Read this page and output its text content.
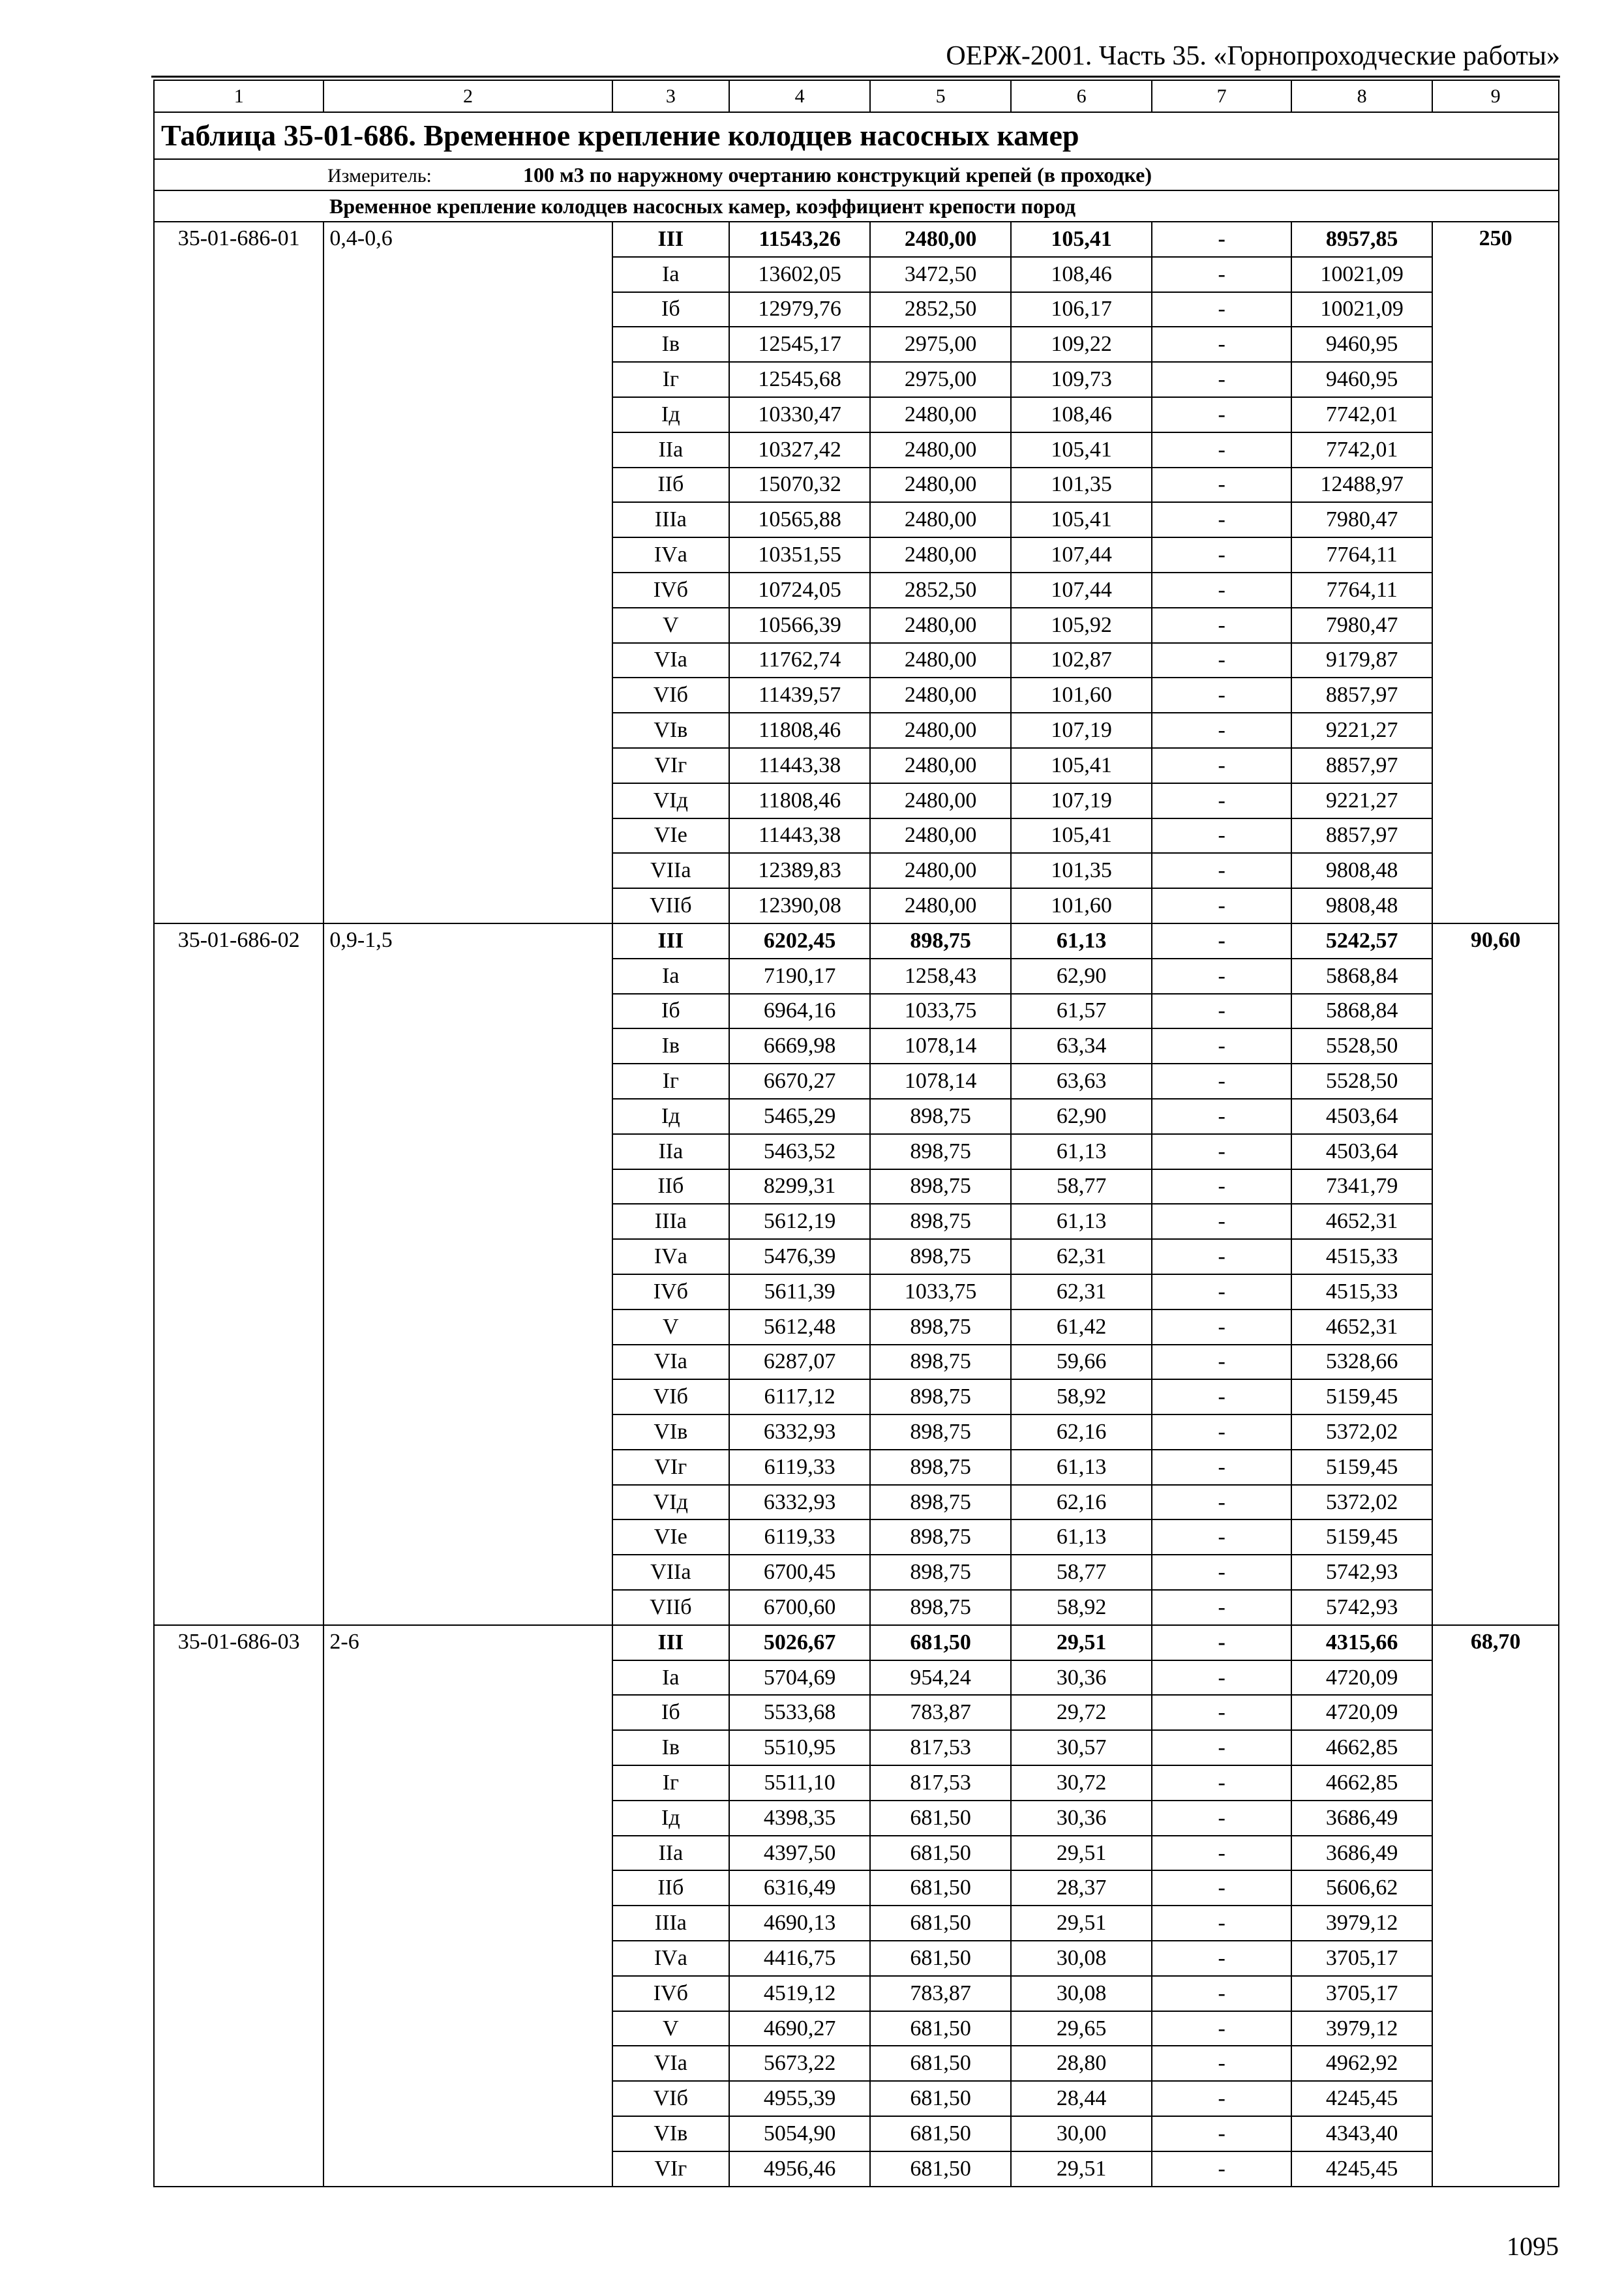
ОЕРЖ-2001. Часть 35. «Горнопроходческие работы»
1	2	3	4	5	6	7	8	9
Таблица 35-01-686. Временное крепление колодцев насосных камер								
Измеритель: 100 м3 по наружному очертанию конструкций крепей (в проходке)								
Временное крепление колодцев насосных камер, коэффициент крепости пород								
35-01-686-01	0,4-0,6	III	11543,26	2480,00	105,41	-	8957,85	250
		Iа	13602,05	3472,50	108,46	-	10021,09	
		Iб	12979,76	2852,50	106,17	-	10021,09	
		Iв	12545,17	2975,00	109,22	-	9460,95	
		Iг	12545,68	2975,00	109,73	-	9460,95	
		Iд	10330,47	2480,00	108,46	-	7742,01	
		IIа	10327,42	2480,00	105,41	-	7742,01	
		IIб	15070,32	2480,00	101,35	-	12488,97	
		IIIа	10565,88	2480,00	105,41	-	7980,47	
		IVа	10351,55	2480,00	107,44	-	7764,11	
		IVб	10724,05	2852,50	107,44	-	7764,11	
		V	10566,39	2480,00	105,92	-	7980,47	
		VIа	11762,74	2480,00	102,87	-	9179,87	
		VIб	11439,57	2480,00	101,60	-	8857,97	
		VIв	11808,46	2480,00	107,19	-	9221,27	
		VIг	11443,38	2480,00	105,41	-	8857,97	
		VIд	11808,46	2480,00	107,19	-	9221,27	
		VIе	11443,38	2480,00	105,41	-	8857,97	
		VIIа	12389,83	2480,00	101,35	-	9808,48	
		VIIб	12390,08	2480,00	101,60	-	9808,48	
35-01-686-02	0,9-1,5	III	6202,45	898,75	61,13	-	5242,57	90,60
		Iа	7190,17	1258,43	62,90	-	5868,84	
		Iб	6964,16	1033,75	61,57	-	5868,84	
		Iв	6669,98	1078,14	63,34	-	5528,50	
		Iг	6670,27	1078,14	63,63	-	5528,50	
		Iд	5465,29	898,75	62,90	-	4503,64	
		IIа	5463,52	898,75	61,13	-	4503,64	
		IIб	8299,31	898,75	58,77	-	7341,79	
		IIIа	5612,19	898,75	61,13	-	4652,31	
		IVа	5476,39	898,75	62,31	-	4515,33	
		IVб	5611,39	1033,75	62,31	-	4515,33	
		V	5612,48	898,75	61,42	-	4652,31	
		VIа	6287,07	898,75	59,66	-	5328,66	
		VIб	6117,12	898,75	58,92	-	5159,45	
		VIв	6332,93	898,75	62,16	-	5372,02	
		VIг	6119,33	898,75	61,13	-	5159,45	
		VIд	6332,93	898,75	62,16	-	5372,02	
		VIе	6119,33	898,75	61,13	-	5159,45	
		VIIа	6700,45	898,75	58,77	-	5742,93	
		VIIб	6700,60	898,75	58,92	-	5742,93	
35-01-686-03	2-6	III	5026,67	681,50	29,51	-	4315,66	68,70
		Iа	5704,69	954,24	30,36	-	4720,09	
		Iб	5533,68	783,87	29,72	-	4720,09	
		Iв	5510,95	817,53	30,57	-	4662,85	
		Iг	5511,10	817,53	30,72	-	4662,85	
		Iд	4398,35	681,50	30,36	-	3686,49	
		IIа	4397,50	681,50	29,51	-	3686,49	
		IIб	6316,49	681,50	28,37	-	5606,62	
		IIIа	4690,13	681,50	29,51	-	3979,12	
		IVа	4416,75	681,50	30,08	-	3705,17	
		IVб	4519,12	783,87	30,08	-	3705,17	
		V	4690,27	681,50	29,65	-	3979,12	
		VIа	5673,22	681,50	28,80	-	4962,92	
		VIб	4955,39	681,50	28,44	-	4245,45	
		VIв	5054,90	681,50	30,00	-	4343,40	
		VIг	4956,46	681,50	29,51	-	4245,45	
1095
